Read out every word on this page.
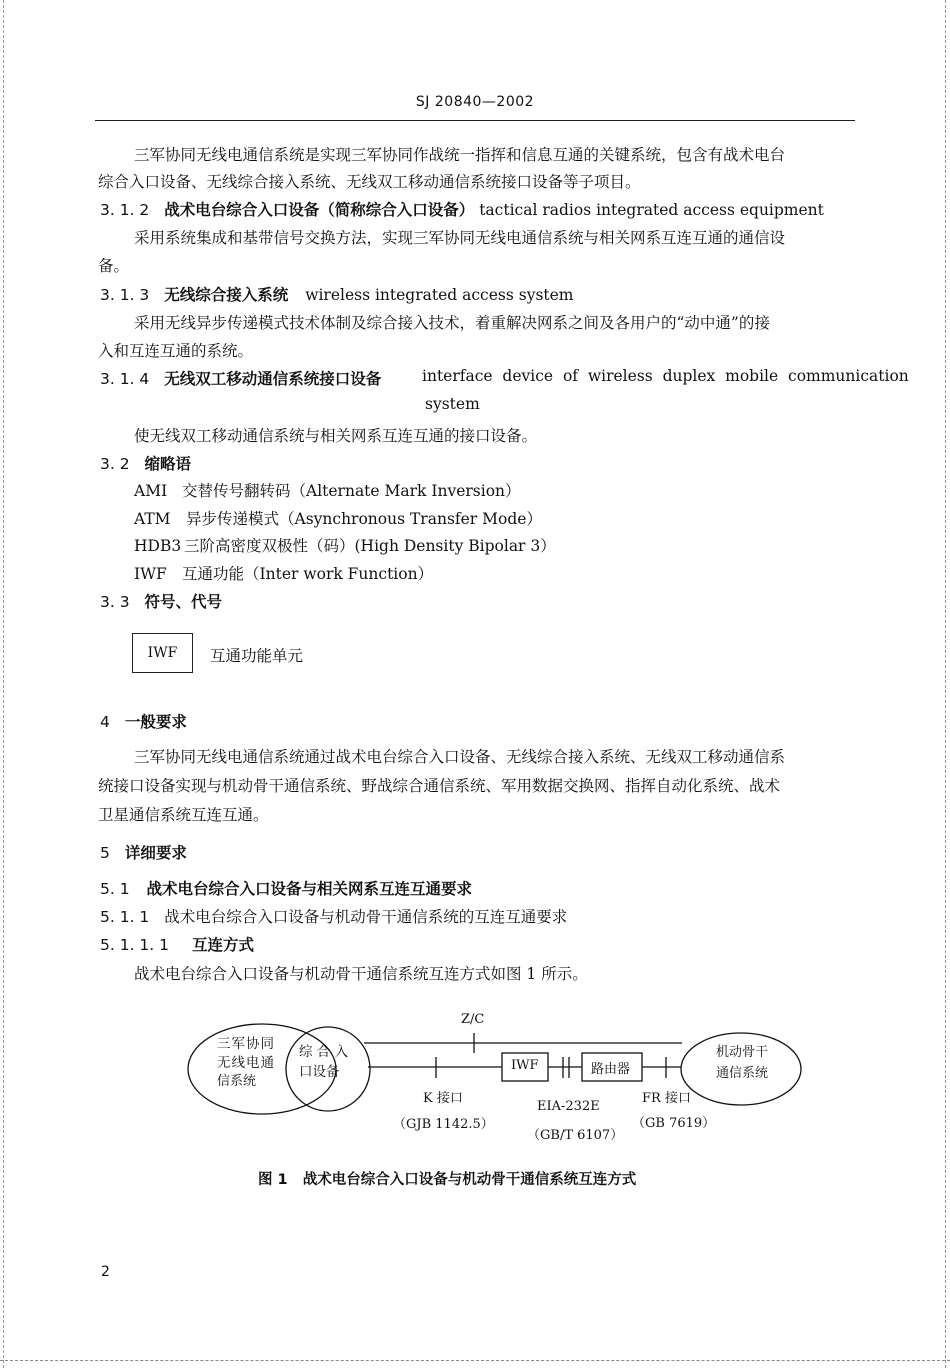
SJ 20840—2002
三军协同无线电通信系统是实现三军协同作战统一指挥和信息互通的关键系统，包含有战术电台
综合入口设备、无线综合接入系统、无线双工移动通信系统接口设备等子项目。
3. 1. 2 战术电台综合入口设备（简称综合入口设备） tactical radios integrated access equipment
采用系统集成和基带信号交换方法，实现三军协同无线电通信系统与相关网系互连互通的通信设
备。
3. 1. 3 无线综合接入系统 wireless integrated access system
采用无线异步传递模式技术体制及综合接入技术，着重解决网系之间及各用户的“动中通”的接
入和互连互通的系统。
3. 1. 4 无线双工移动通信系统接口设备	interface  device  of  wireless  duplex  mobile  communication
system
使无线双工移动通信系统与相关网系互连互通的接口设备。
3. 2 缩略语
AMI 交替传号翻转码（Alternate Mark Inversion）
ATM 异步传递模式（Asynchronous Transfer Mode）
HDB3 三阶高密度双极性（码）(High Density Bipolar 3）
IWF 互通功能（Inter work Function）
3. 3 符号、代号
IWF	互通功能单元
4 一般要求
三军协同无线电通信系统通过战术电台综合入口设备、无线综合接入系统、无线双工移动通信系
统接口设备实现与机动骨干通信系统、野战综合通信系统、军用数据交换网、指挥自动化系统、战术
卫星通信系统互连互通。
5 详细要求
5. 1 战术电台综合入口设备与相关网系互连互通要求
5. 1. 1 战术电台综合入口设备与机动骨干通信系统的互连互通要求
5. 1. 1. 1 互连方式
战术电台综合入口设备与机动骨干通信系统互连方式如图 1 所示。
三军协同
无线电通
信系统
综 合 入
口设备
Z/C
IWF	路由器
机动骨干
通信系统
K 接口
（GJB 1142.5）
EIA-232E
（GB/T 6107）
FR 接口
（GB 7619）
图 1   战术电台综合入口设备与机动骨干通信系统互连方式
2
